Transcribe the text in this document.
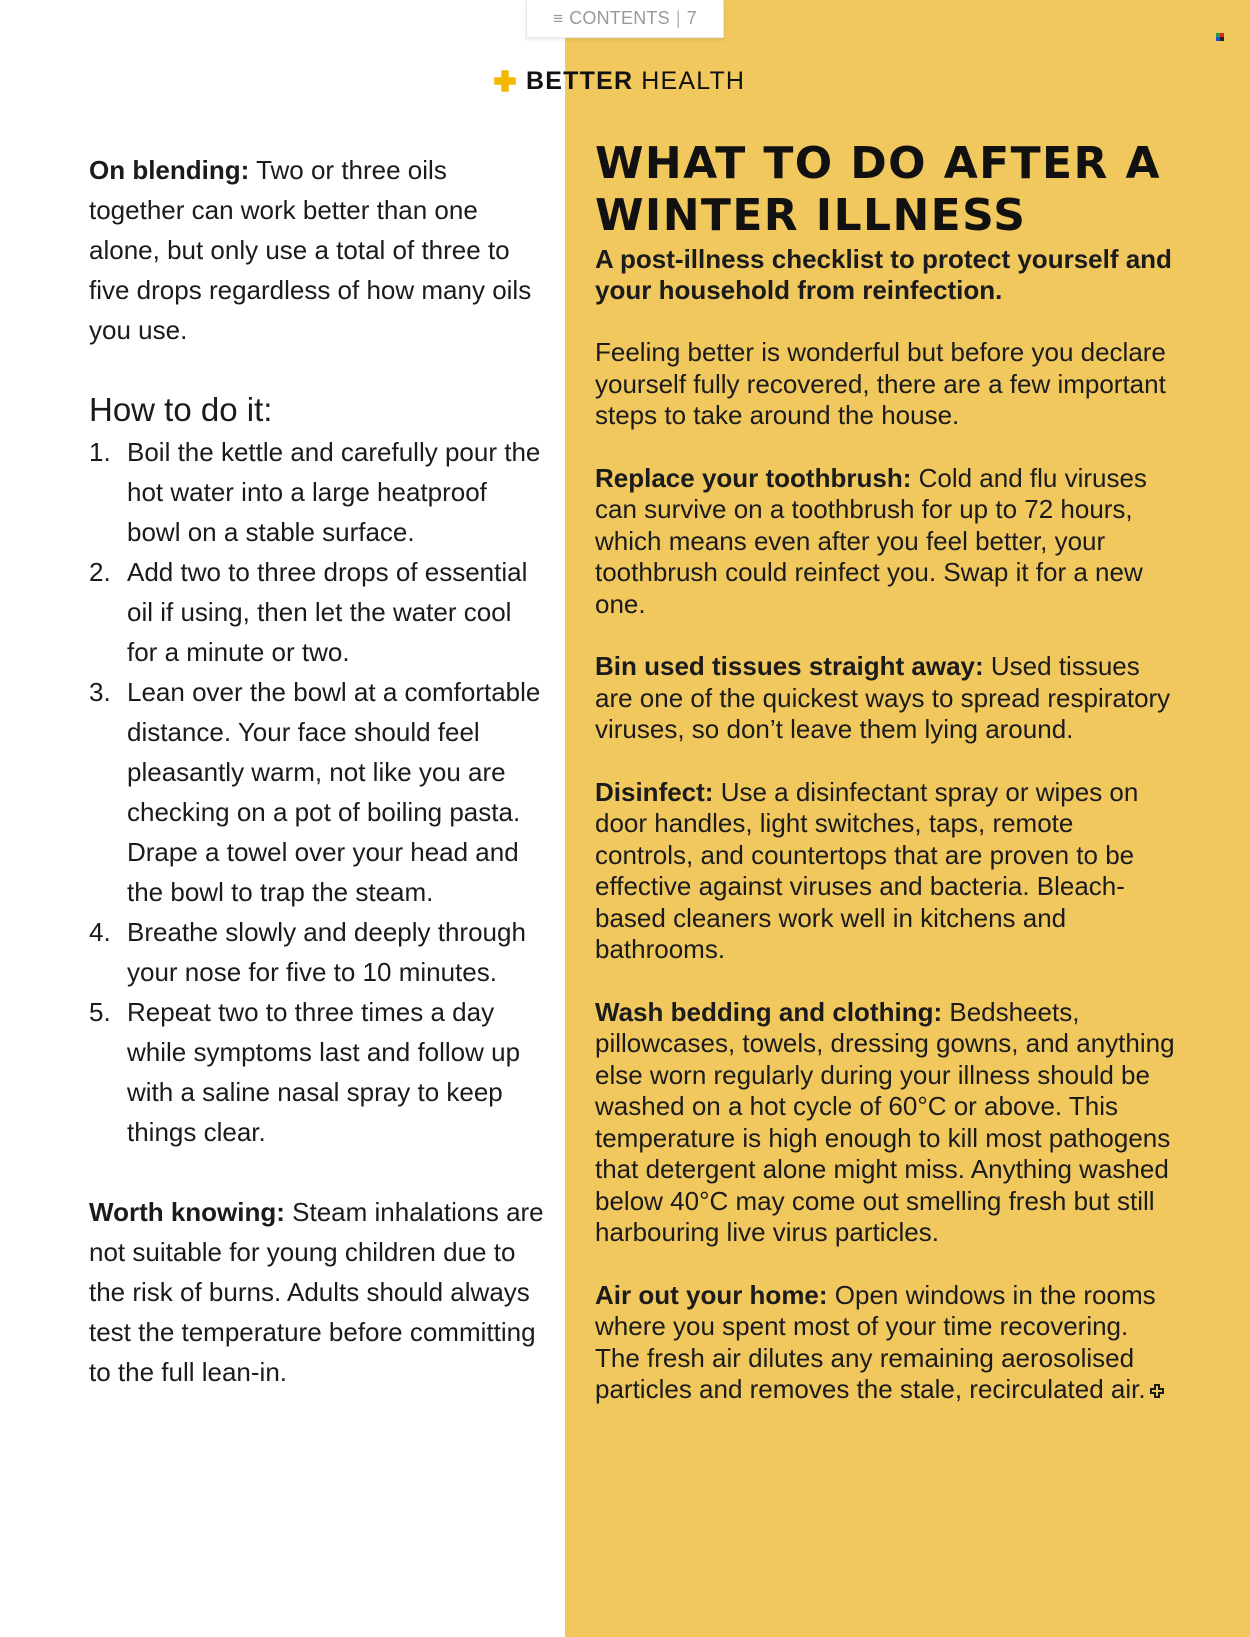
≡ CONTENTS | 7
BETTER HEALTH

On blending: Two or three oils together can work better than one alone, but only use a total of three to five drops regardless of how many oils you use.

How to do it:
1. Boil the kettle and carefully pour the hot water into a large heatproof bowl on a stable surface.
2. Add two to three drops of essential oil if using, then let the water cool for a minute or two.
3. Lean over the bowl at a comfortable distance. Your face should feel pleasantly warm, not like you are checking on a pot of boiling pasta. Drape a towel over your head and the bowl to trap the steam.
4. Breathe slowly and deeply through your nose for five to 10 minutes.
5. Repeat two to three times a day while symptoms last and follow up with a saline nasal spray to keep things clear.

Worth knowing: Steam inhalations are not suitable for young children due to the risk of burns. Adults should always test the temperature before committing to the full lean-in.

WHAT TO DO AFTER A WINTER ILLNESS

A post-illness checklist to protect yourself and your household from reinfection.

Feeling better is wonderful but before you declare yourself fully recovered, there are a few important steps to take around the house.

Replace your toothbrush: Cold and flu viruses can survive on a toothbrush for up to 72 hours, which means even after you feel better, your toothbrush could reinfect you. Swap it for a new one.

Bin used tissues straight away: Used tissues are one of the quickest ways to spread respiratory viruses, so don’t leave them lying around.

Disinfect: Use a disinfectant spray or wipes on door handles, light switches, taps, remote controls, and countertops that are proven to be effective against viruses and bacteria. Bleach-based cleaners work well in kitchens and bathrooms.

Wash bedding and clothing: Bedsheets, pillowcases, towels, dressing gowns, and anything else worn regularly during your illness should be washed on a hot cycle of 60°C or above. This temperature is high enough to kill most pathogens that detergent alone might miss. Anything washed below 40°C may come out smelling fresh but still harbouring live virus particles.

Air out your home: Open windows in the rooms where you spent most of your time recovering. The fresh air dilutes any remaining aerosolised particles and removes the stale, recirculated air.
